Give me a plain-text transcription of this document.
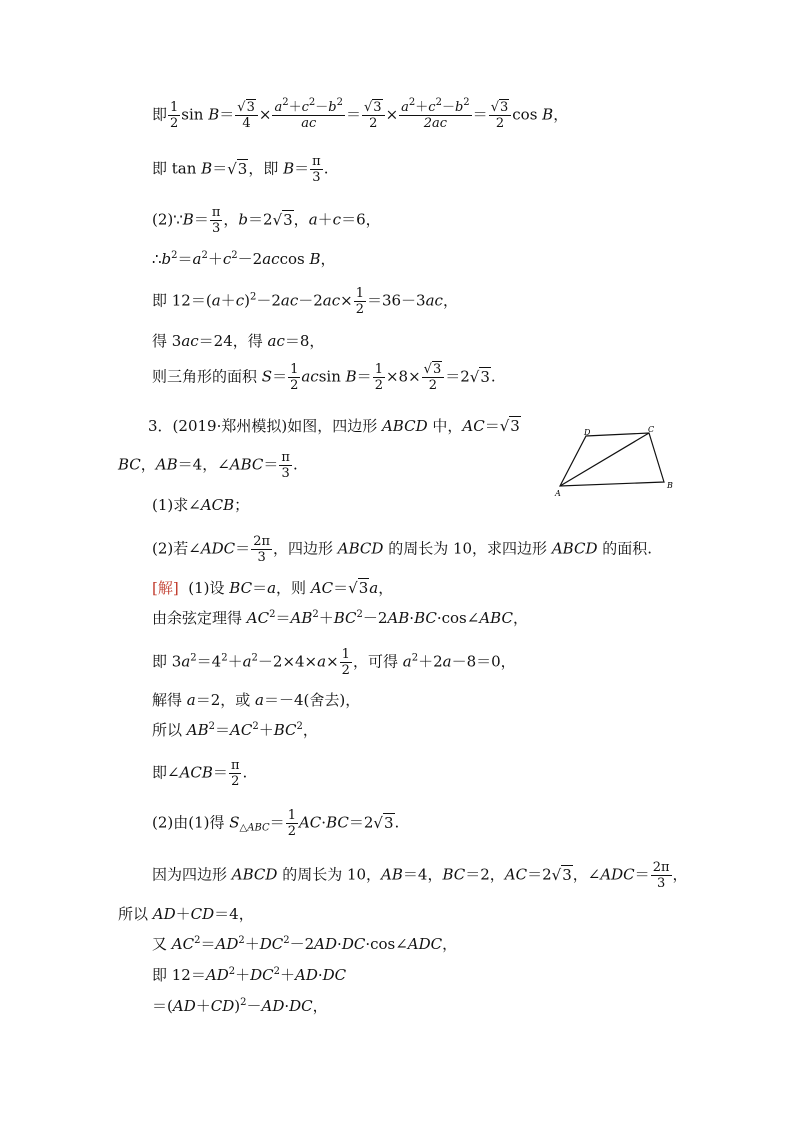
即 $\frac{1}{2}$ $\sin B= \frac{√3}{4} \times \frac{a^2+c^2-b^2}{ac} = \frac{√3}{2} \times \frac{a^2+c^2-b^2}{2ac} = \frac{√3}{2}$ cos B，
即 tan B＝√3，即 $B= \frac{\pi}{3}$ .
(2)∵B＝ $\frac{\pi}{3}$ ，b＝2√3，a＋c＝6，
$\therefore b^2=a^2+c^2-2accos$ B，
即 $12=(a+c)^2-2ac-2ac\times \frac{1}{2} =36-3ac$，
得 3ac＝24，得 ac＝8，
则三角形的面积 $S= \frac{1}{2}$ acsin $B= \frac{1}{2} \times 8\times \frac{√3}{2} =2√3$.
3．(2019·郑州模拟)如图，四边形 ABCD 中，AC＝√3
BC，AB＝4，∠ABC＝ $\frac{\pi}{3}$ .
A
B
C
D
(1)求∠ACB；
(2)若∠ADC＝ $\frac{2\pi}{3}$ ，四边形 ABCD 的周长为 10，求四边形 ABCD 的面积.
[解] (1)设 BC＝a，则 AC＝√3a，
由余弦定理得 $AC^2=AB^2+BC^2-2AB\cdot BC\cdot\cos\angle ABC$，
即 $3a^2=4^2+a^2-2\times 4\times a\times \frac{1}{2}$ ，可得 $a^2+2a-8=0$，
解得 a＝2，或 a＝－4(舍去)，
所以 $AB^2=AC^2+BC^2$，
即∠ACB＝ $\frac{\pi}{2}$ .
(2)由(1)得 $S_{\triangle ABC}= \frac{1}{2} AC\cdot BC=2√3$.
因为四边形 ABCD 的周长为 10，AB＝4，BC＝2，AC＝2√3，∠ADC＝ $\frac{2\pi}{3}$ ，
所以 AD＋CD＝4，
又 $AC^2=AD^2+DC^2-2AD\cdot DC\cdot\cos\angle ADC$，
即 $12=AD^2+DC^2+AD\cdot DC$
$=(AD+CD)^2-AD\cdot DC$，
